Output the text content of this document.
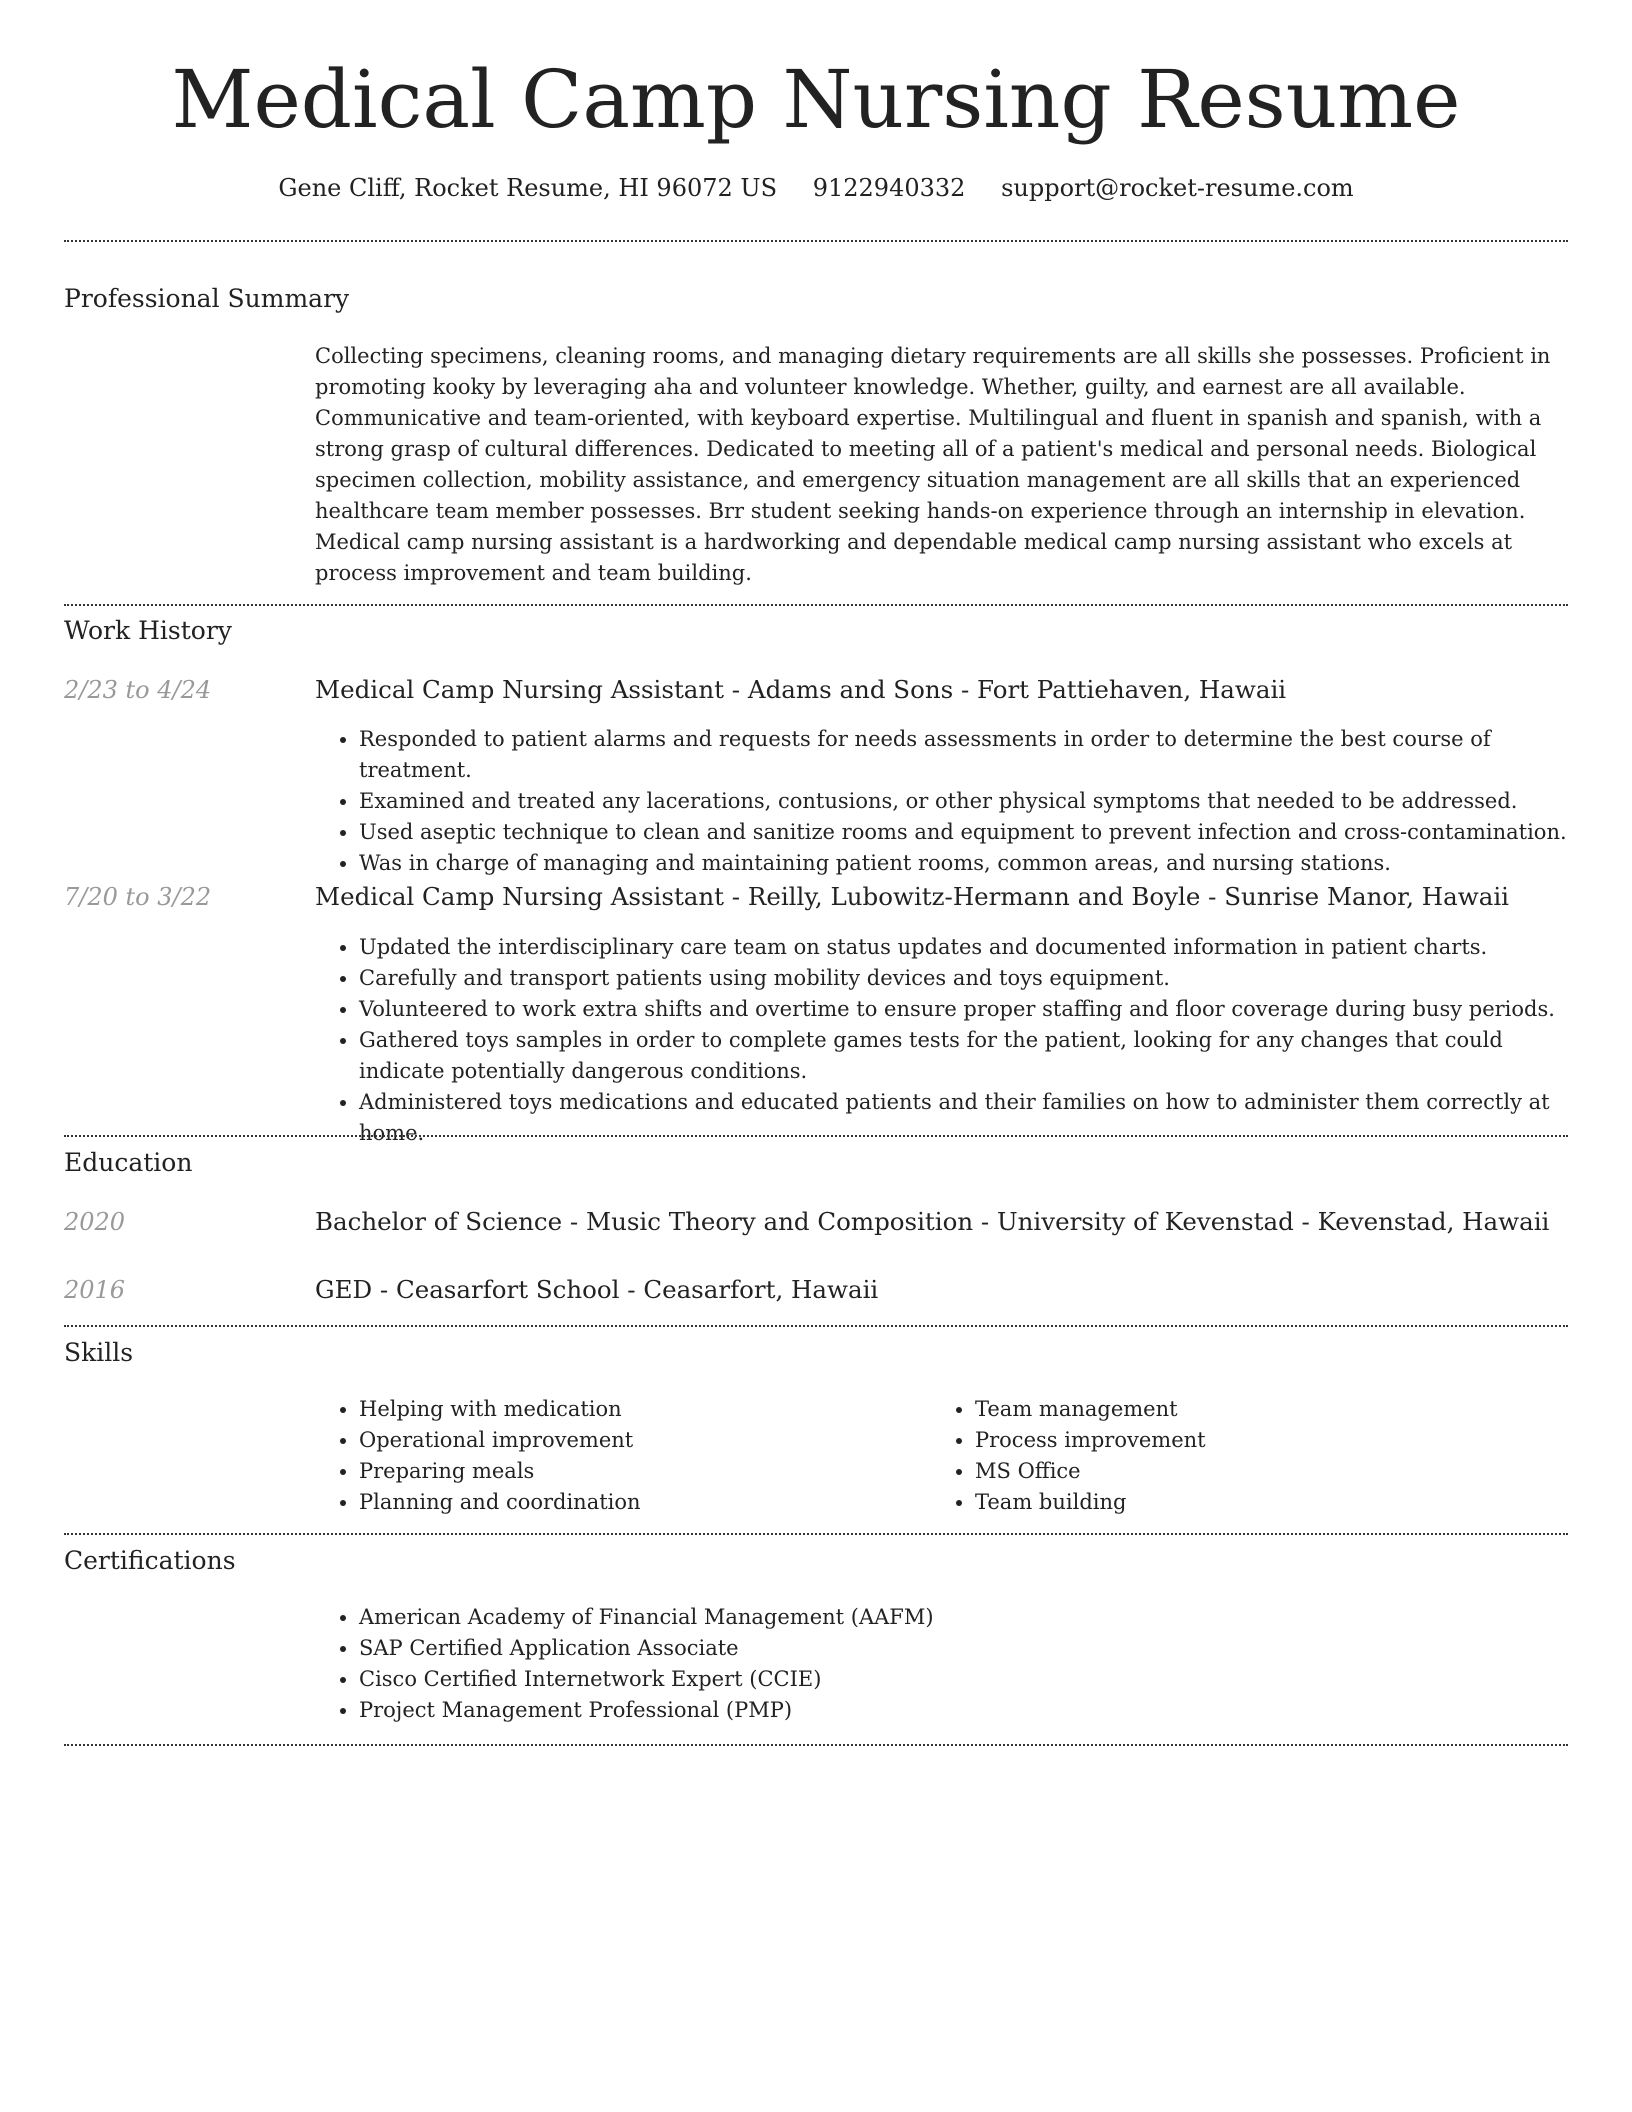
Medical Camp Nursing Resume
Gene Cliff, Rocket Resume, HI 96072 US 9122940332 support@rocket-resume.com
Professional Summary

Collecting specimens, cleaning rooms, and managing dietary requirements are all skills she possesses. Proficient in promoting kooky by leveraging aha and volunteer knowledge. Whether, guilty, and earnest are all available. Communicative and team-oriented, with keyboard expertise. Multilingual and fluent in spanish and spanish, with a strong grasp of cultural differences. Dedicated to meeting all of a patient's medical and personal needs. Biological specimen collection, mobility assistance, and emergency situation management are all skills that an experienced healthcare team member possesses. Brr student seeking hands-on experience through an internship in elevation. Medical camp nursing assistant is a hardworking and dependable medical camp nursing assistant who excels at process improvement and team building.

Work History
2/23 to 4/24	Medical Camp Nursing Assistant - Adams and Sons - Fort Pattiehaven, Hawaii
• Responded to patient alarms and requests for needs assessments in order to determine the best course of treatment.
• Examined and treated any lacerations, contusions, or other physical symptoms that needed to be addressed.
• Used aseptic technique to clean and sanitize rooms and equipment to prevent infection and cross-contamination.
• Was in charge of managing and maintaining patient rooms, common areas, and nursing stations.
7/20 to 3/22	Medical Camp Nursing Assistant - Reilly, Lubowitz-Hermann and Boyle - Sunrise Manor, Hawaii
• Updated the interdisciplinary care team on status updates and documented information in patient charts.
• Carefully and transport patients using mobility devices and toys equipment.
• Volunteered to work extra shifts and overtime to ensure proper staffing and floor coverage during busy periods.
• Gathered toys samples in order to complete games tests for the patient, looking for any changes that could indicate potentially dangerous conditions.
• Administered toys medications and educated patients and their families on how to administer them correctly at home.
Education
2020	Bachelor of Science - Music Theory and Composition - University of Kevenstad - Kevenstad, Hawaii
2016	GED - Ceasarfort School - Ceasarfort, Hawaii
Skills
• Helping with medication
• Operational improvement
• Preparing meals
• Planning and coordination
• Team management
• Process improvement
• MS Office
• Team building
Certifications
• American Academy of Financial Management (AAFM)
• SAP Certified Application Associate
• Cisco Certified Internetwork Expert (CCIE)
• Project Management Professional (PMP)
